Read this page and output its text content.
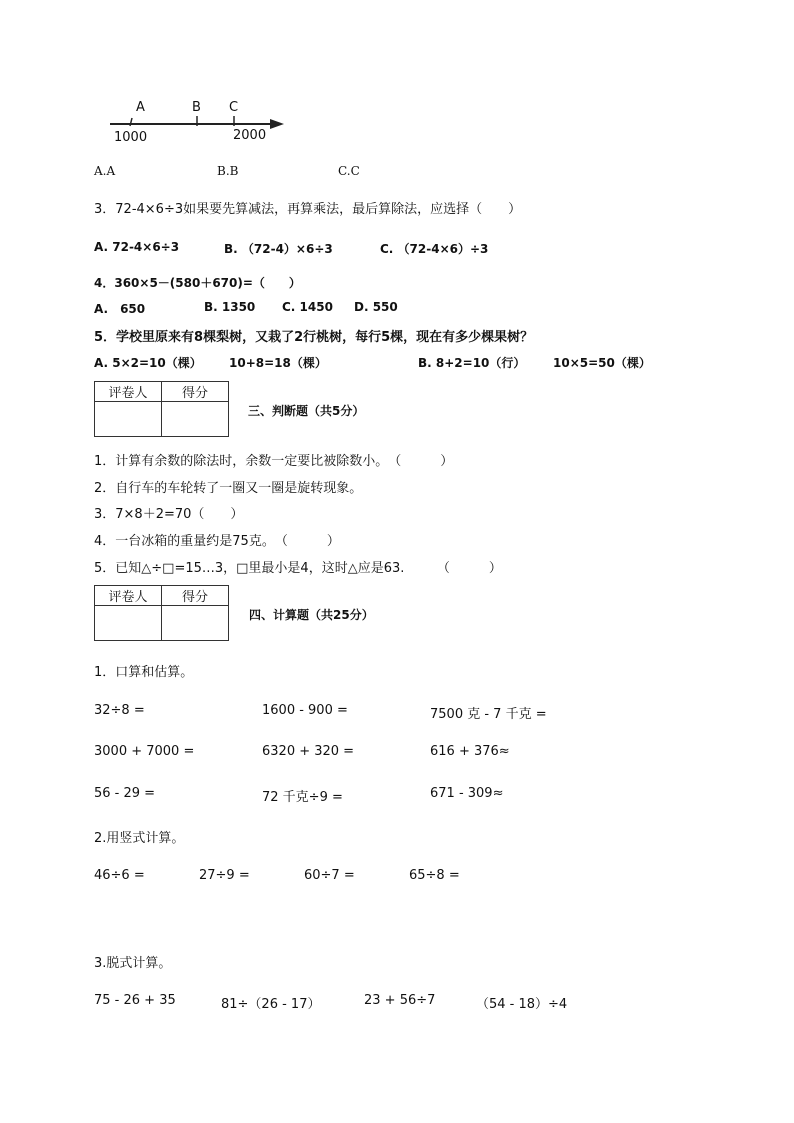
A	B C
1000	2000
A.A	B.B	C.C
3．72-4×6÷3如果要先算减法，再算乘法，最后算除法，应选择（　　）
A. 72-4×6÷3	B. （72-4）×6÷3	C. （72-4×6）÷3
4．360×5－(580＋670)=（　　）
A.　650	B. 1350 C. 1450 D. 550
5．学校里原来有8棵梨树，又栽了2行桃树，每行5棵，现在有多少棵果树？
A. 5×2=10（棵） 10+8=18（棵）	B. 8+2=10（行） 10×5=50（棵）
评卷人	得分

三、判断题（共5分）
1．计算有余数的除法时，余数一定要比被除数小。　（　　　）
2．自行车的车轮转了一圈又一圈是旋转现象。
3．7×8＋2=70（　　）
4．一台冰箱的重量约是75克。　（　　　）
5．已知△÷□=15…3，□里最小是4，这时△应是63.　　　（　　　）
评卷人	得分

四、计算题（共25分）
1．口算和估算。
32÷8 =	1600 - 900 =	7500 克 - 7 千克 =
3000 + 7000 =	6320 + 320 =	616 + 376≈
56 - 29 =	72 千克÷9 =	671 - 309≈
2.用竖式计算。
46÷6 =	27÷9 =	60÷7 =	65÷8 =
3.脱式计算。
75 - 26 + 35	81÷（26 - 17）	23 + 56÷7	（54 - 18）÷4
